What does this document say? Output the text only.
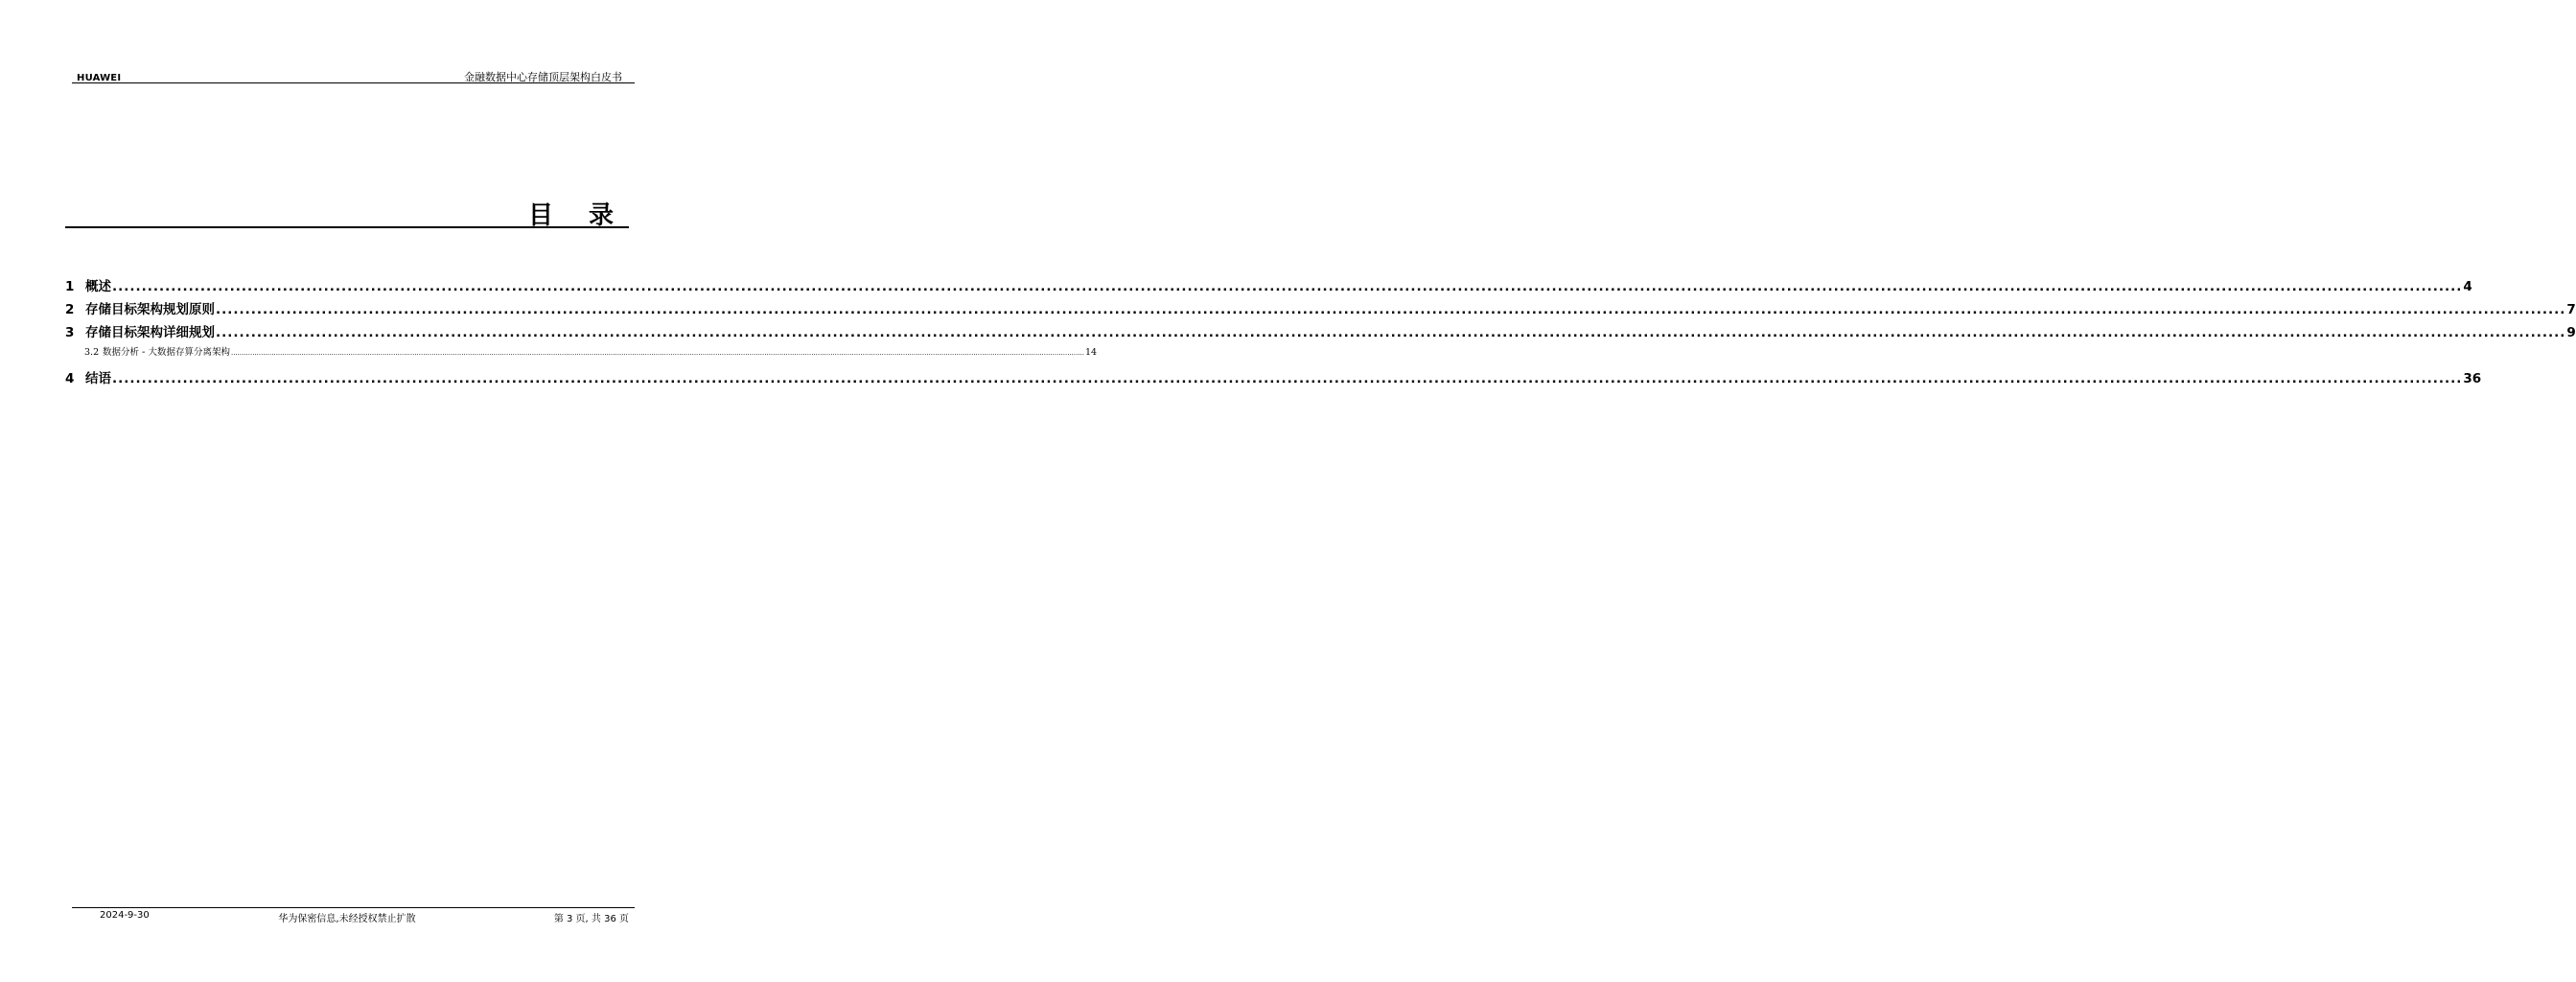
HUAWEI	金融数据中心存储顶层架构白皮书
目 录
1 概述 ................................................................................................................................................................................................................................................................................................................................................................................................................ 4
2 存储目标架构规划原则 ................................................................................................................................................................................................................................................................................................................................................................................................................ 7
3 存储目标架构详细规划 ................................................................................................................................................................................................................................................................................................................................................................................................................ 9
3.2 数据分析 - 大数据存算分离架构 ................................................................................................................................................................................................................................................................................................................................................................................................................ 14
4 结语 ................................................................................................................................................................................................................................................................................................................................................................................................................ 36
2024-9-30	华为保密信息,未经授权禁止扩散	第 3 页, 共 36 页
